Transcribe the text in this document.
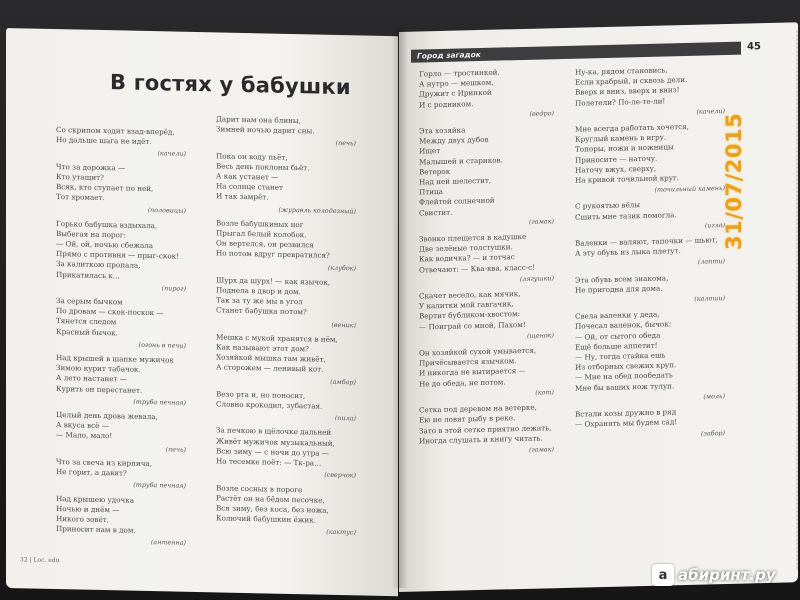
В гостях у бабушки
Со скрипом ходит взад-вперёд,
Но дальше шага не идёт.
(качели)
Что за дорожка —
Кто утащит?
Всяк, кто ступает по ней,
Тот хромает.
(половицы)
Горько бабушка вздыхала,
Выбегая на порог:
— Ой, ой, ночью сбежала
Прямо с противня — прыг-скок!
За калиткою пропала,
Прикатилась к…
(пирог)
За серым бычком
По дровам — скок-поскок —
Тянется следом
Красный бычок.
(огонь в печи)
Над крышей в шапке мужичок
Зимою курит табачок.
А лето настанет —
Курить он перестанет.
(труба печная)
Целый день дрова жевала,
А вкуса всё —
— Мало, мало!
(печь)
Что за свеча из кирпича,
Не горит, а давит?
(труба печная)
Над крышею удочка
Ночью и днём —
Никого зовёт,
Приносит нам в дом.
(антенна)
Дарит нам она блины,
Зимней ночью дарит сны.
(печь)
Пока он воду пьёт,
Весь день поклоны бьёт.
А как устанет —
На солнце станет
И так замрёт.
(журавль колодезный)
Возле бабушкиных ног
Прыгал белый колобок.
Он вертелся, он резвился
Но потом вдруг превратился?
(клубок)
Шурх да шурх! — как язычок,
Поднела в двор и дом.
Так за ту же мы в угол
Станет бабушка потом?
(веник)
Мешка с мукой хранятся в нём,
Как называют этот дом?
Хозяйкой мышка там живёт,
А сторожем — ленивый кот.
(амбар)
Везо рта и, но поносит,
Словно крокодил, зубастая.
(пила)
За печкою в щёлочке дальней
Живёт мужичок музыкальный,
Всю зиму — с ночи до утра —
На тесемке поёт: — Тк-ра…
(сверчок)
Возле сосных в пороге
Растёт он на бёдом песочке,
Вся зиму, без коса, без ножа,
Колючий бабушкин ёжик.
(кактус)
32 | Loc. edu
Город загадок
45
Горло — тростинкой,
А нутро — мешком,
Дружит с Иринкой
И с родником.
(ведро)
Эта хозяйка
Между двух дубов
Ищет
Малышей и стариков.
Ветерок
Над ней шелестит,
Птица
Флейтой солнечной
Свистит.
(гамак)
Звонко плещется в кадушке
Две зелёные толстушки.
Как водичка? — и тотчас
Отвечают: — Ква-ква, класс-с!
(лягушки)
Скачет весело, как мячик,
У калитки мой гавгачик,
Вертит бубликом-хвостом:
— Поиграй со мной, Пахом!
(щенок)
Он хозяйкой сухой умывается,
Причёсывается язычком.
И никогда не вытирается —
Не до обеда, не потом.
(кот)
Сетка под деревом на ветерке,
Ею не ловят рыбу в реке.
Зато в этой сетке приятно лежать,
Иногда слушать и книгу читать.
(гамак)
Ну-ка, рядом становись,
Если храбрый, и сквозь дели.
Вверх и вниз, вверх и вниз!
Полетели? По-ле-те-ли!
(качели)
Мне всегда работать хочется,
Круглый камень в игру.
Топоры, ножи и ножницы
Приносите — наточу.
Наточу вжух, сверху,
На кривой точильной круг.
(точильный камень)
С рукоятью вёлы
Сшить мне тазик помогла.
(игла)
Валенки — валяют, тапочки — шьют,
А эту обувь из лыка плетут.
(лапти)
Эта обувь всем знакома,
Не пригодна для дома.
(калоши)
Свела валенки у деда,
Почесал валенок, бычок:
— Ой, от сытого обеда
Ещё больше аппетит!
— Ну, тогда стайка ешь
Из отборных свежих круп.
— Мне на обед пообедать
Мне бы ваших нож тулуп.
(моль)
Встали козы дружно в ряд
— Охранять мы будем сад!
(забор)
31/07/2015
а абиринт.ру
